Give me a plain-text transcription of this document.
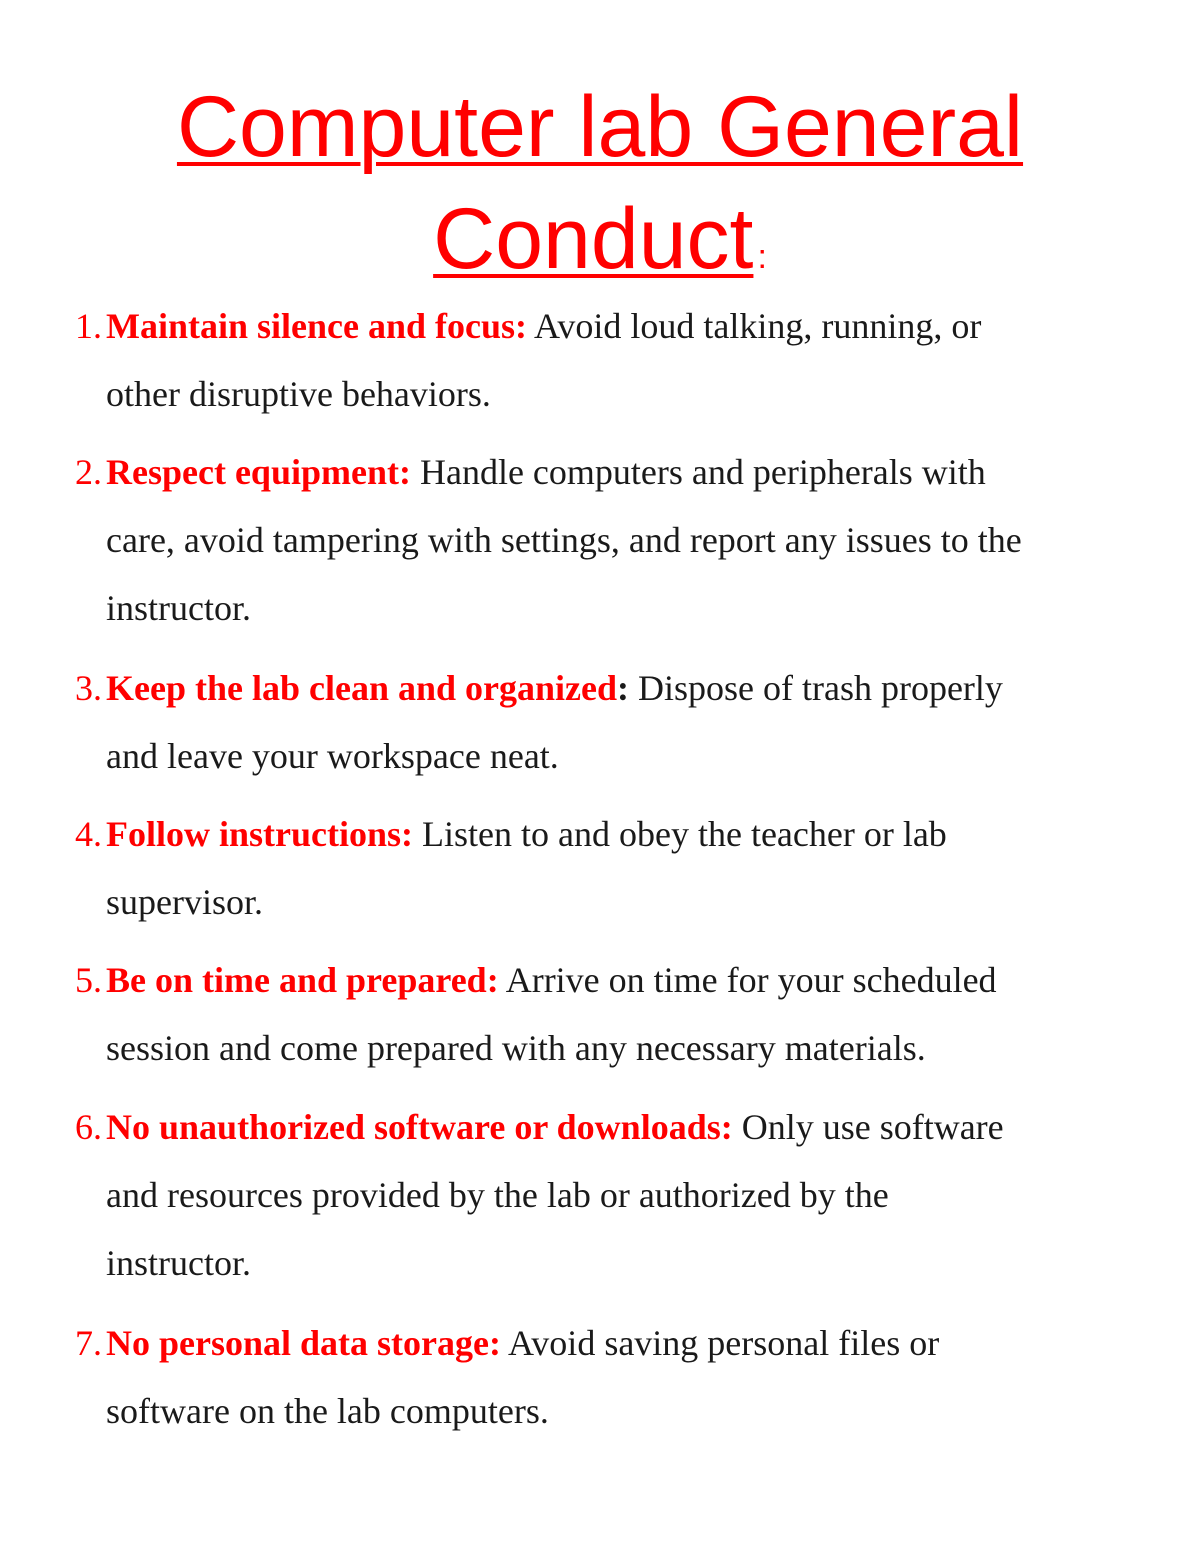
Computer lab General
Conduct :
1. Maintain silence and focus: Avoid loud talking, running, or
other disruptive behaviors.
2. Respect equipment: Handle computers and peripherals with
care, avoid tampering with settings, and report any issues to the
instructor.
3. Keep the lab clean and organized: Dispose of trash properly
and leave your workspace neat.
4. Follow instructions: Listen to and obey the teacher or lab
supervisor.
5. Be on time and prepared: Arrive on time for your scheduled
session and come prepared with any necessary materials.
6. No unauthorized software or downloads: Only use software
and resources provided by the lab or authorized by the
instructor.
7. No personal data storage: Avoid saving personal files or
software on the lab computers.
